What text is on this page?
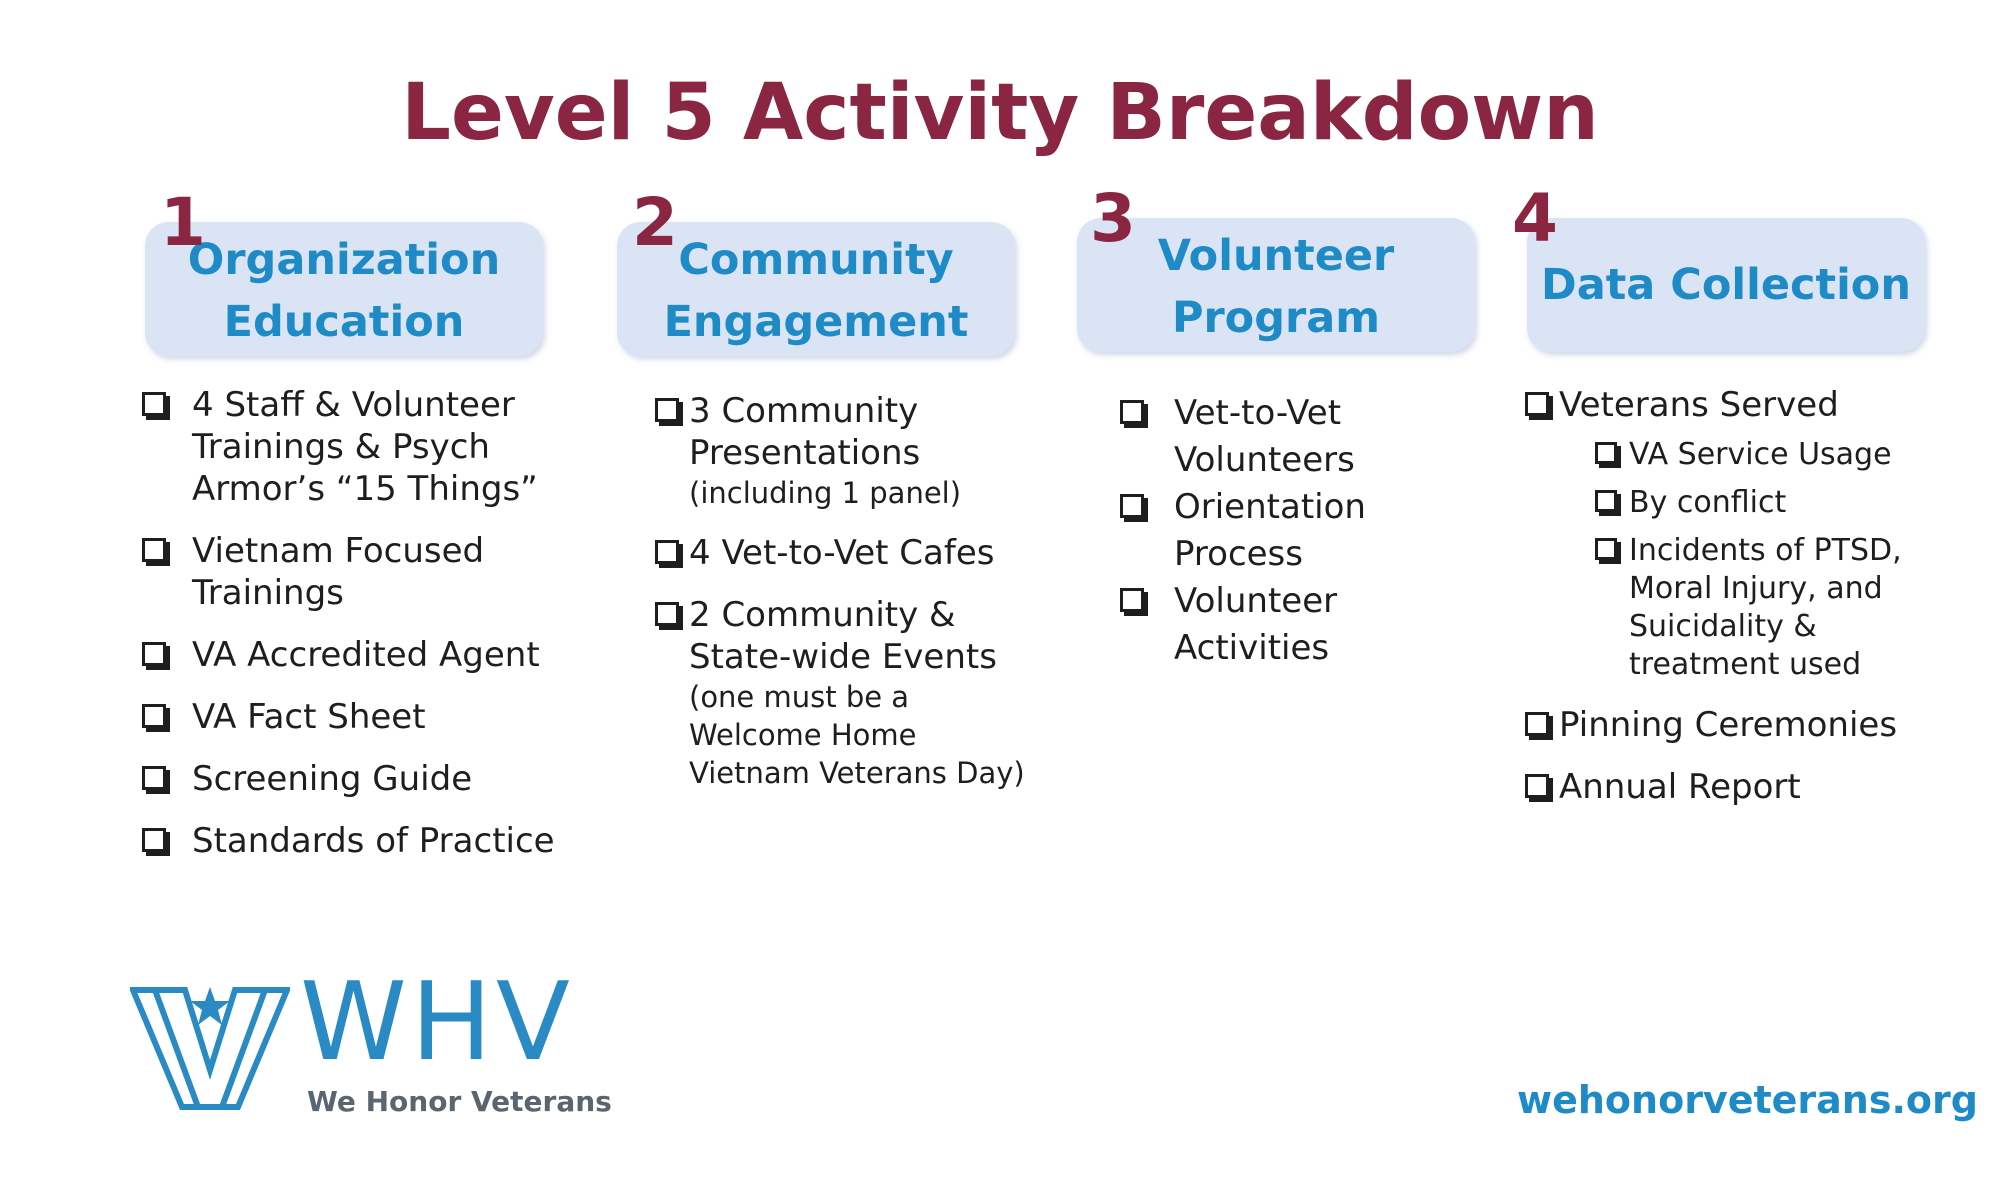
Level 5 Activity Breakdown
1
Organization
Education
4 Staff & Volunteer
Trainings & Psych
Armor’s “15 Things”
Vietnam Focused
Trainings
VA Accredited Agent
VA Fact Sheet
Screening Guide
Standards of Practice
2 Community
Engagement
3 Community
Presentations
(including 1 panel)
4 Vet-to-Vet Cafes
2 Community &
State-wide Events
(one must be a
Welcome Home
Vietnam Veterans Day)
3 Volunteer
Program
Vet-to-Vet
Volunteers
Orientation
Process
Volunteer
Activities
4
Data Collection
Veterans Served
VA Service Usage
By conflict
Incidents of PTSD,
Moral Injury, and
Suicidality &
treatment used
Pinning Ceremonies
Annual Report
WHV
We Honor Veterans	wehonorveterans.org
